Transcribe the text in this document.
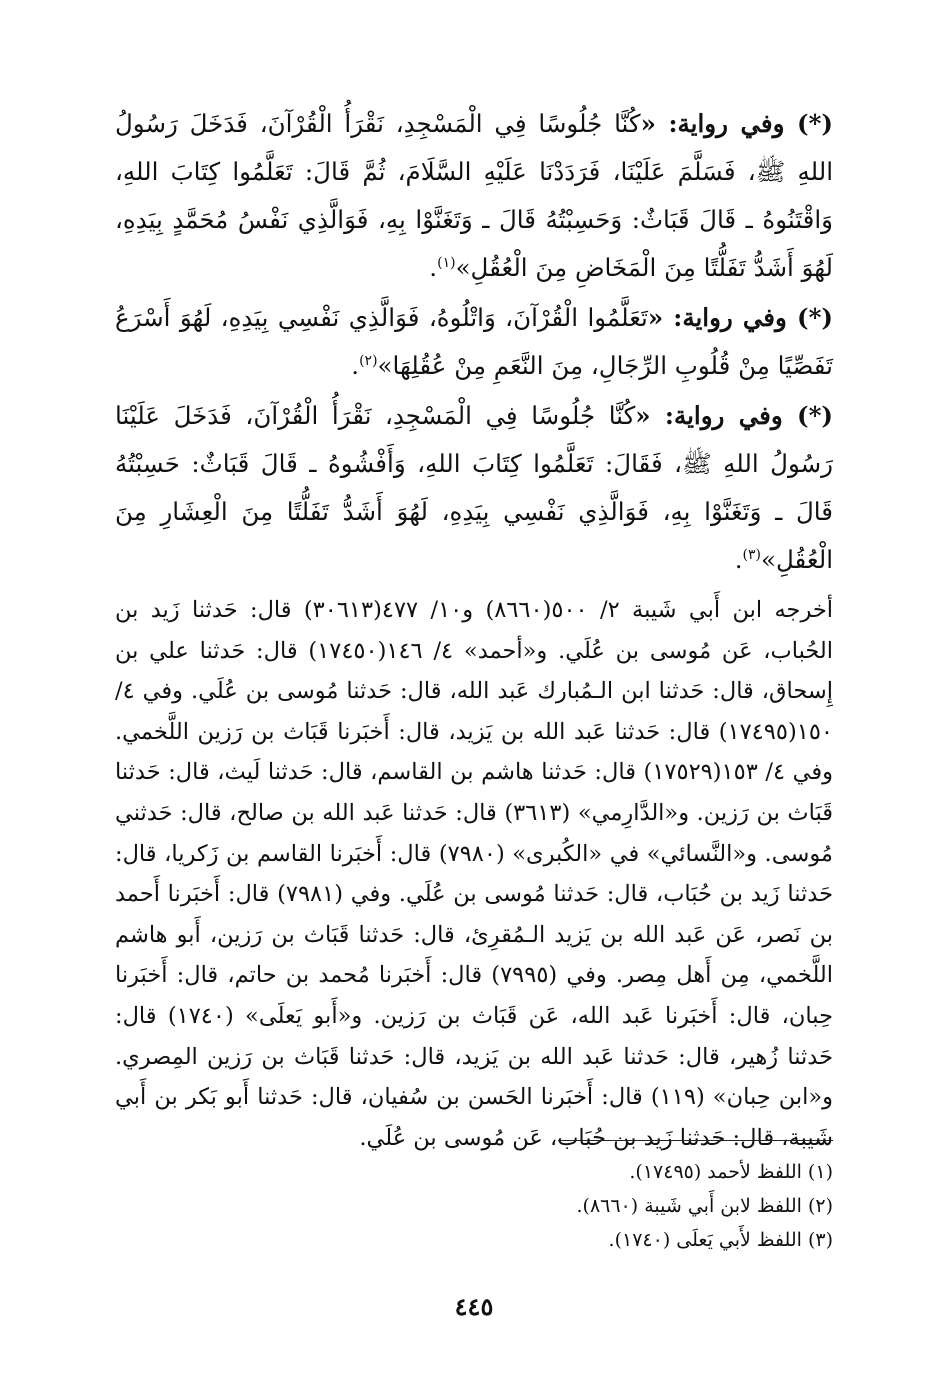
(*) وفي رواية: «كُنَّا جُلُوسًا فِي الْمَسْجِدِ، نَقْرَأُ الْقُرْآنَ، فَدَخَلَ رَسُولُ اللهِ ﷺ، فَسَلَّمَ عَلَيْنَا، فَرَدَدْنَا عَلَيْهِ السَّلَامَ، ثُمَّ قَالَ: تَعَلَّمُوا كِتَابَ اللهِ، وَاقْتَنُوهُ ـ قَالَ قَبَاثٌ: وَحَسِبْتُهُ قَالَ ـ وَتَغَنَّوْا بِهِ، فَوَالَّذِي نَفْسُ مُحَمَّدٍ بِيَدِهِ، لَهُوَ أَشَدُّ تَفَلُّتًا مِنَ الْمَخَاضِ مِنَ الْعُقُلِ»$^{(١)}$.

(*) وفي رواية: «تَعَلَّمُوا الْقُرْآنَ، وَاتْلُوهُ، فَوَالَّذِي نَفْسِي بِيَدِهِ، لَهُوَ أَسْرَعُ تَفَصِّيًا مِنْ قُلُوبِ الرِّجَالِ، مِنَ النَّعَمِ مِنْ عُقُلِهَا»$^{(٢)}$.

(*) وفي رواية: «كُنَّا جُلُوسًا فِي الْمَسْجِدِ، نَقْرَأُ الْقُرْآنَ، فَدَخَلَ عَلَيْنَا رَسُولُ اللهِ ﷺ، فَقَالَ: تَعَلَّمُوا كِتَابَ اللهِ، وَأَفْشُوهُ ـ قَالَ قَبَاثٌ: حَسِبْتُهُ قَالَ ـ وَتَغَنَّوْا بِهِ، فَوَالَّذِي نَفْسِي بِيَدِهِ، لَهُوَ أَشَدُّ تَفَلُّتًا مِنَ الْعِشَارِ مِنَ الْعُقُلِ»$^{(٣)}$.

أخرجه ابن أَبي شَيبة ٢/ ٥٠٠(٨٦٦٠) و١٠/ ٤٧٧(٣٠٦١٣) قال: حَدثنا زَيد بن الحُباب، عَن مُوسى بن عُلَي. و«أحمد» ٤/ ١٤٦(١٧٤٥٠) قال: حَدثنا علي بن إِسحاق، قال: حَدثنا ابن الـمُبارك عَبد الله، قال: حَدثنا مُوسى بن عُلَي. وفي ٤/ ١٥٠(١٧٤٩٥) قال: حَدثنا عَبد الله بن يَزيد، قال: أَخبَرنا قَبَاث بن رَزين اللَّخمي. وفي ٤/ ١٥٣(١٧٥٢٩) قال: حَدثنا هاشم بن القاسم، قال: حَدثنا لَيث، قال: حَدثنا قَبَاث بن رَزين. و«الدَّارِمي» (٣٦١٣) قال: حَدثنا عَبد الله بن صالح، قال: حَدثني مُوسى. و«النَّسائي» في «الكُبرى» (٧٩٨٠) قال: أَخبَرنا القاسم بن زَكريا، قال: حَدثنا زَيد بن حُبَاب، قال: حَدثنا مُوسى بن عُلَي. وفي (٧٩٨١) قال: أَخبَرنا أَحمد بن نَصر، عَن عَبد الله بن يَزيد الـمُقرِئ، قال: حَدثنا قَبَاث بن رَزين، أَبو هاشم اللَّخمي، مِن أَهل مِصر. وفي (٧٩٩٥) قال: أَخبَرنا مُحمد بن حاتم، قال: أَخبَرنا حِبان، قال: أَخبَرنا عَبد الله، عَن قَبَاث بن رَزين. و«أَبو يَعلَى» (١٧٤٠) قال: حَدثنا زُهير، قال: حَدثنا عَبد الله بن يَزيد، قال: حَدثنا قَبَاث بن رَزين المِصري. و«ابن حِبان» (١١٩) قال: أَخبَرنا الحَسن بن سُفيان، قال: حَدثنا أَبو بَكر بن أَبي شَيبة، قال: حَدثنا زَيد بن حُبَاب، عَن مُوسى بن عُلَي.

(١) اللفظ لأحمد (١٧٤٩٥).
(٢) اللفظ لابن أَبي شَيبة (٨٦٦٠).
(٣) اللفظ لأَبي يَعلَى (١٧٤٠).
٤٤٥
